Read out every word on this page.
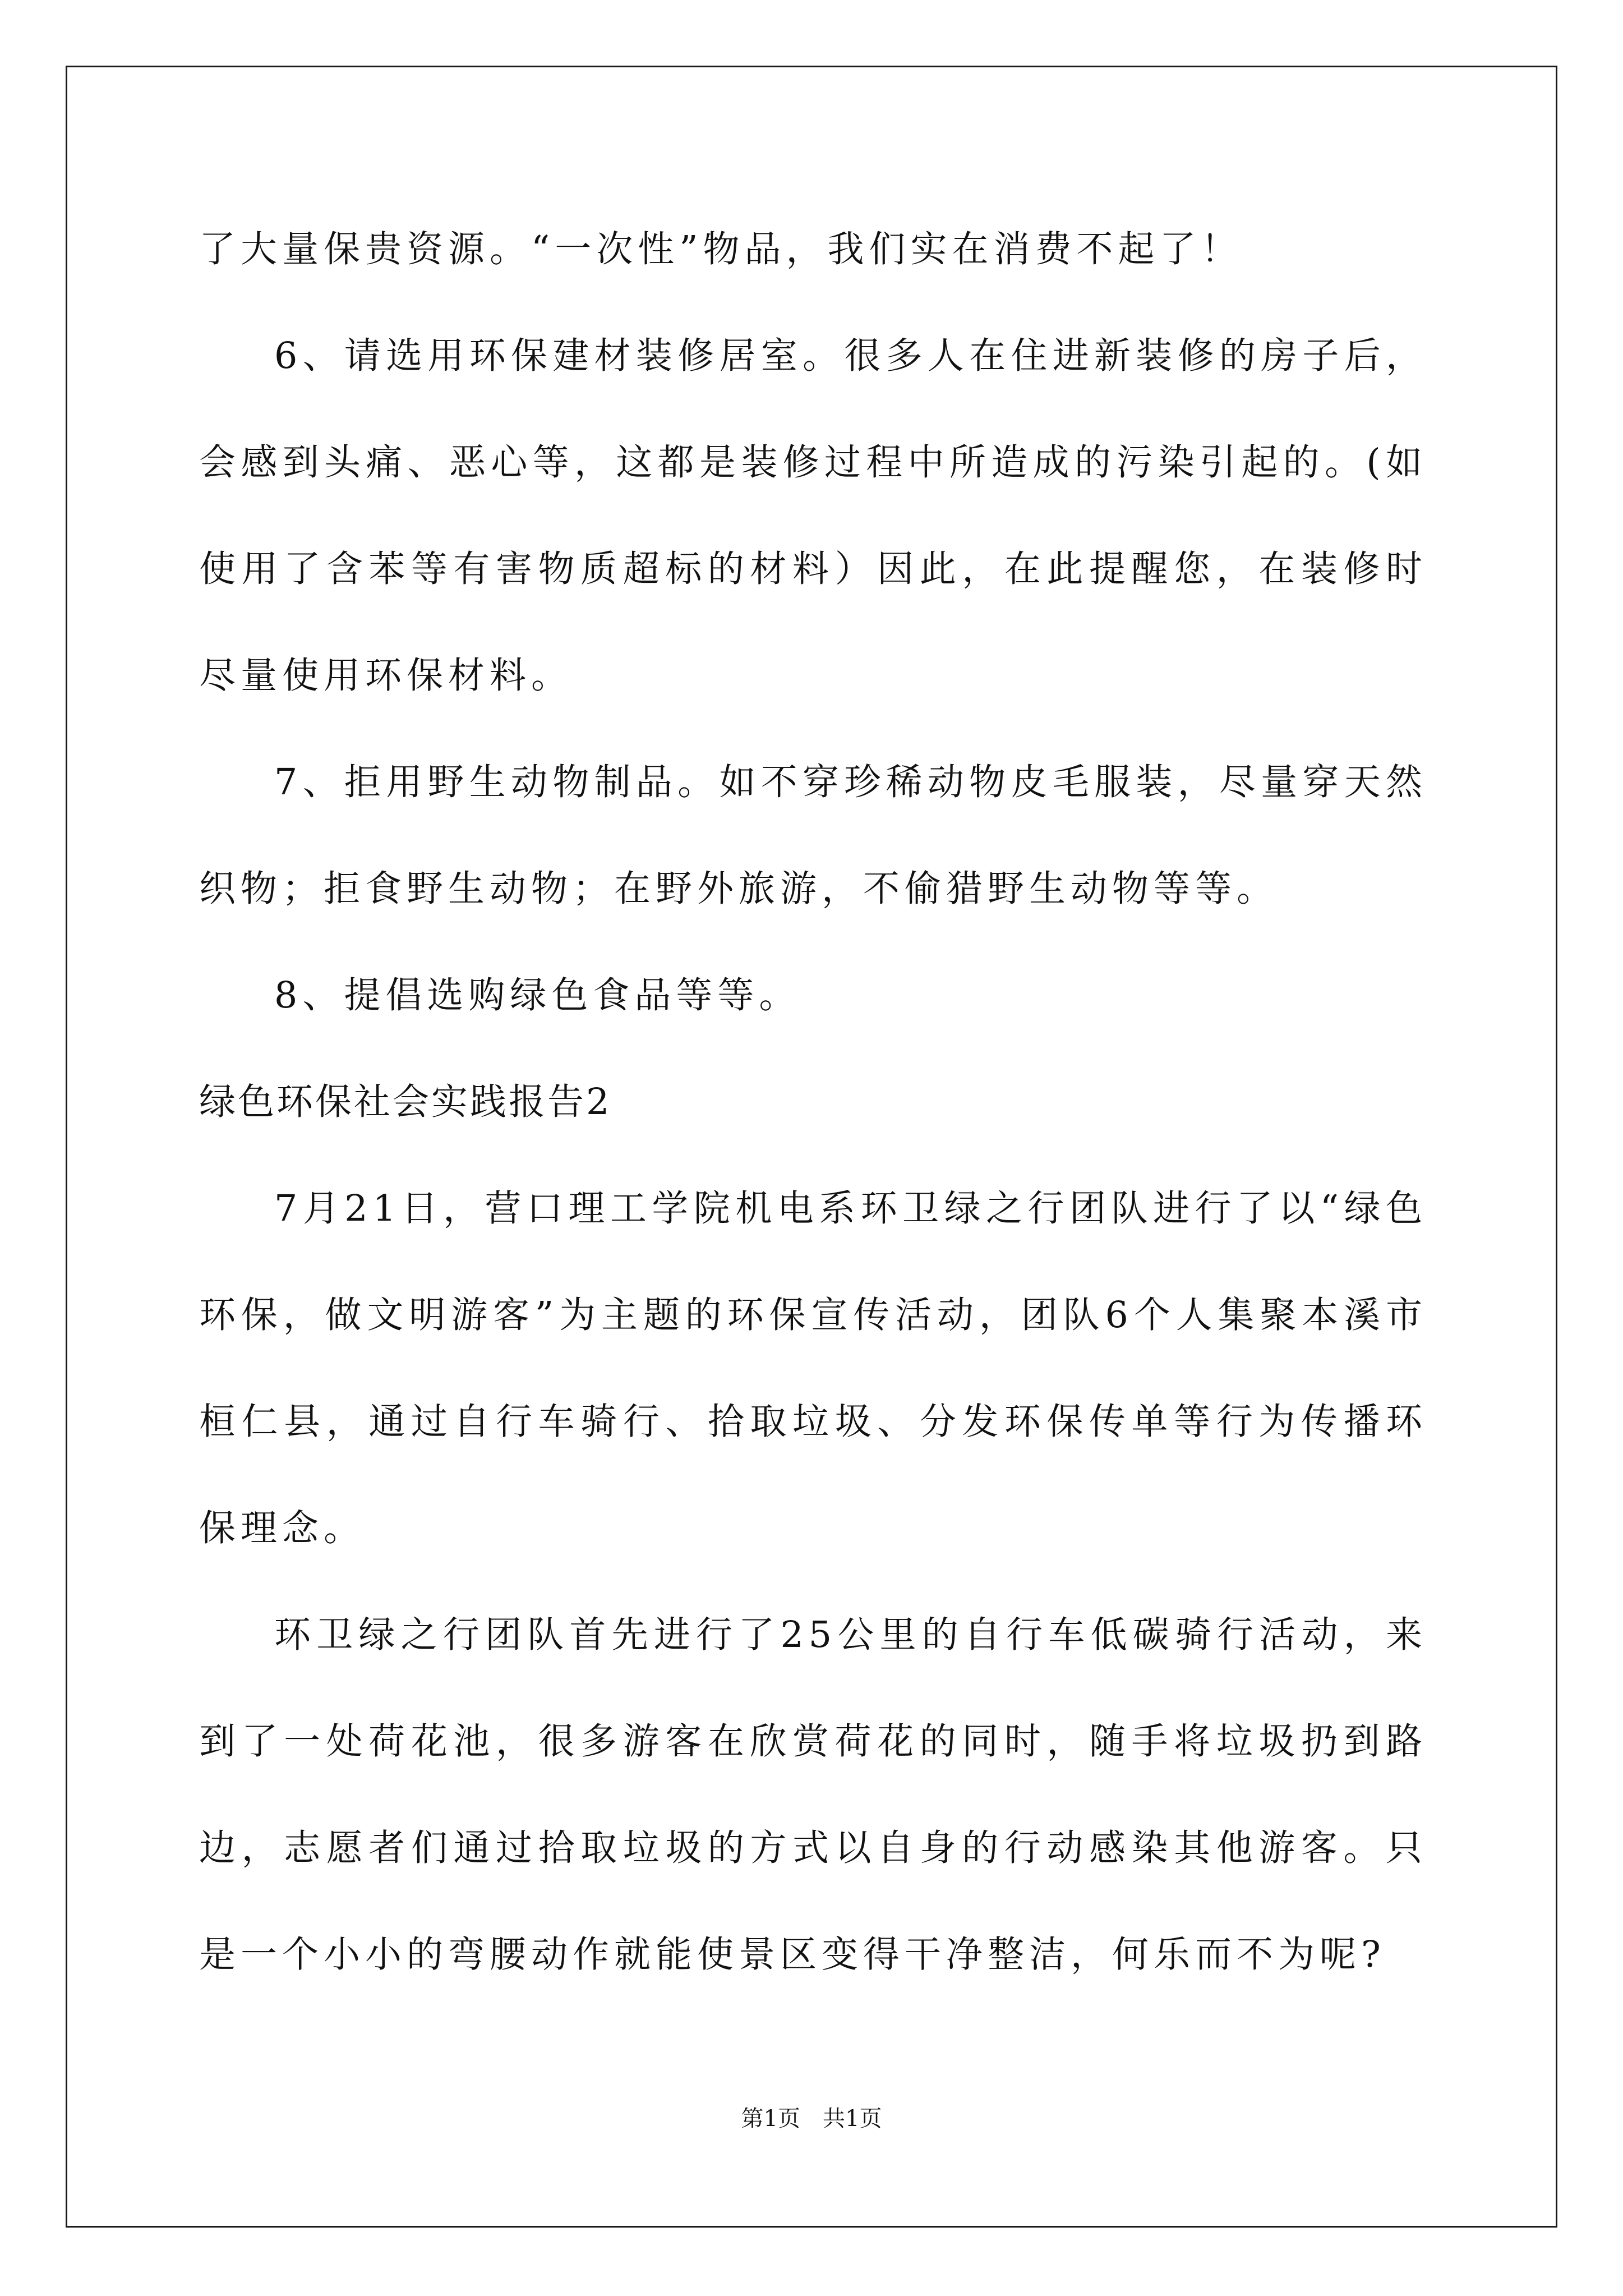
了大量保贵资源。“一次性”物品，我们实在消费不起了！

6、请选用环保建材装修居室。很多人在住进新装修的房子后，会感到头痛、恶心等，这都是装修过程中所造成的污染引起的。(如使用了含苯等有害物质超标的材料）因此，在此提醒您，在装修时尽量使用环保材料。

7、拒用野生动物制品。如不穿珍稀动物皮毛服装，尽量穿天然织物；拒食野生动物；在野外旅游，不偷猎野生动物等等。

8、提倡选购绿色食品等等。

绿色环保社会实践报告2

7月21日，营口理工学院机电系环卫绿之行团队进行了以“绿色环保，做文明游客”为主题的环保宣传活动，团队6个人集聚本溪市桓仁县，通过自行车骑行、拾取垃圾、分发环保传单等行为传播环保理念。

环卫绿之行团队首先进行了25公里的自行车低碳骑行活动，来到了一处荷花池，很多游客在欣赏荷花的同时，随手将垃圾扔到路边，志愿者们通过拾取垃圾的方式以自身的行动感染其他游客。只是一个小小的弯腰动作就能使景区变得干净整洁，何乐而不为呢?

第1页 共1页
